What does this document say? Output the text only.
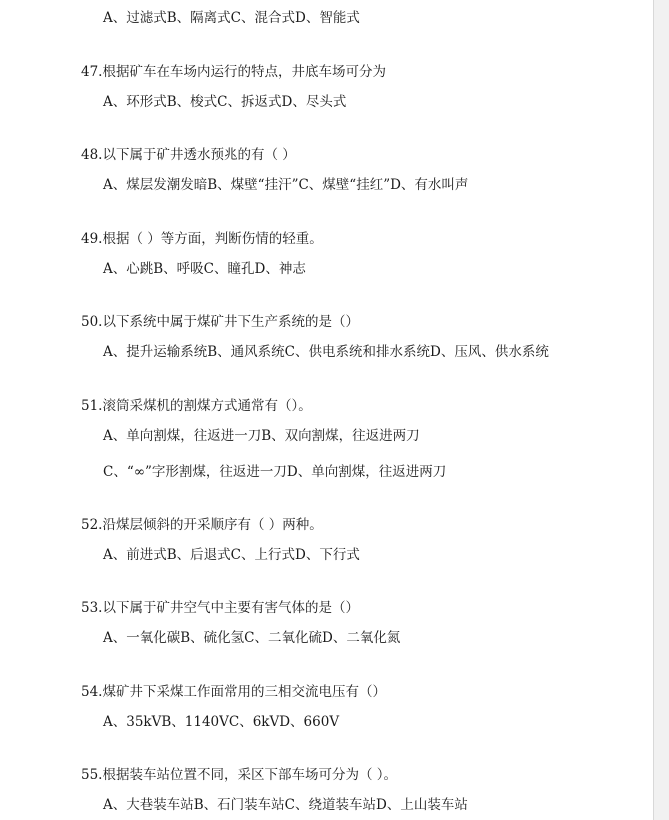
A、过滤式B、隔离式C、混合式D、智能式
47.根据矿车在车场内运行的特点，井底车场可分为
A、环形式B、梭式C、拆返式D、尽头式
48.以下属于矿井透水预兆的有（ ）
A、煤层发潮发暗B、煤壁“挂汗”C、煤壁“挂红”D、有水叫声
49.根据（ ）等方面，判断伤情的轻重。
A、心跳B、呼吸C、瞳孔D、神志
50.以下系统中属于煤矿井下生产系统的是（）
A、提升运输系统B、通风系统C、供电系统和排水系统D、压风、供水系统
51.滚筒采煤机的割煤方式通常有（）。
A、单向割煤，往返进一刀B、双向割煤，往返进两刀
C、“∞”字形割煤，往返进一刀D、单向割煤，往返进两刀
52.沿煤层倾斜的开采顺序有（ ）两种。
A、前进式B、后退式C、上行式D、下行式
53.以下属于矿井空气中主要有害气体的是（）
A、一氧化碳B、硫化氢C、二氧化硫D、二氧化氮
54.煤矿井下采煤工作面常用的三相交流电压有（）
A、35kVB、1140VC、6kVD、660V
55.根据装车站位置不同，采区下部车场可分为（ ）。
A、大巷装车站B、石门装车站C、绕道装车站D、上山装车站
